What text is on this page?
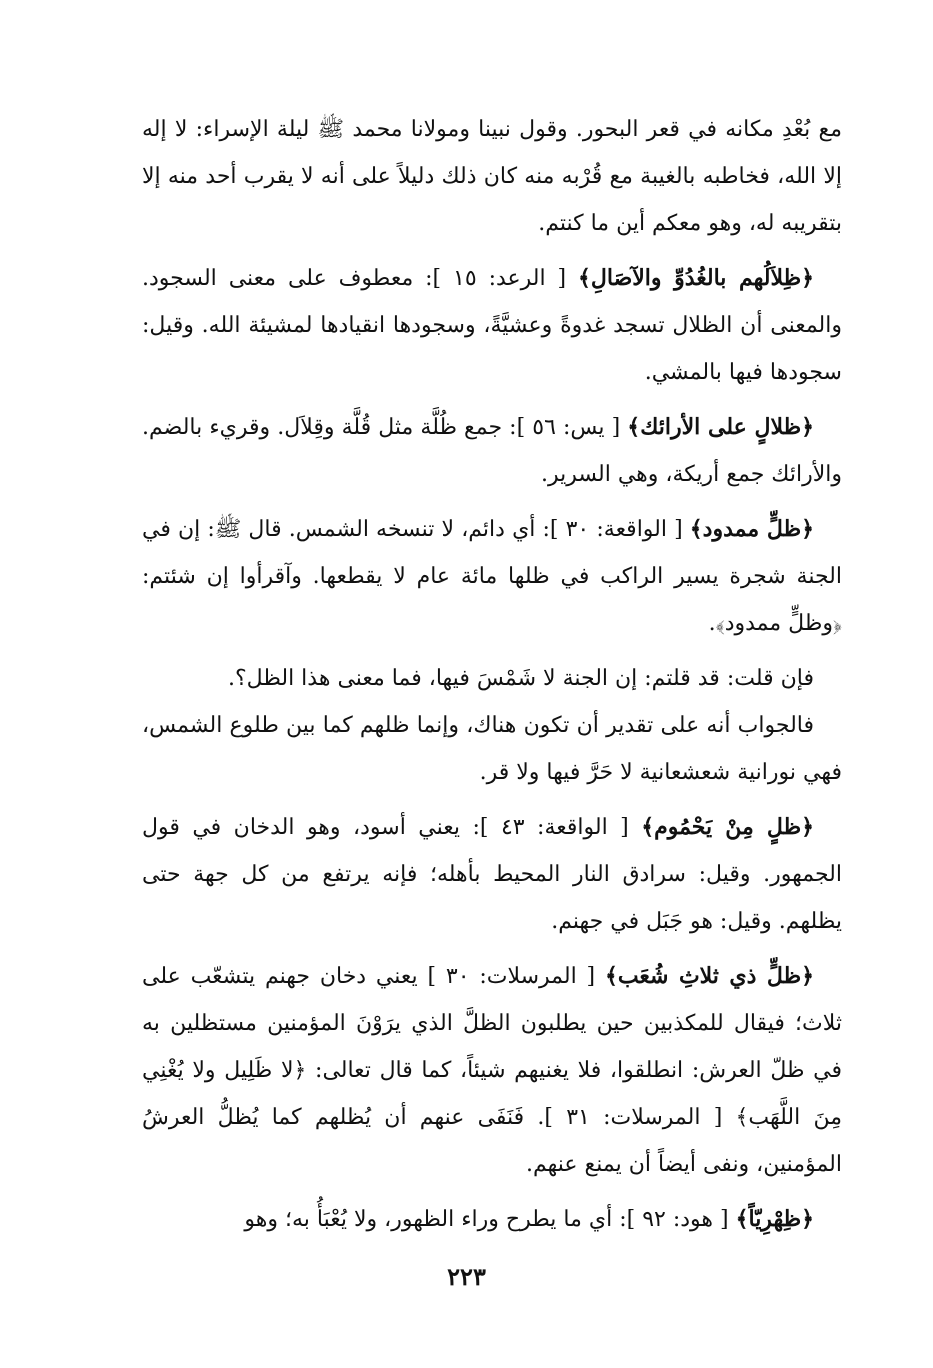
مع بُعْدِ مكانه في قعر البحور. وقول نبينا ومولانا محمد ﷺ ليلة الإسراء: لا إله إلا الله، فخاطبه بالغيبة مع قُرْبه منه كان ذلك دليلاً على أنه لا يقرب أحد منه إلا بتقريبه له، وهو معكم أين ما كنتم.

﴿ظِلاَلُهم بالغُدُوِّ والآصَالِ﴾ [ الرعد: ١٥ ]: معطوف على معنى السجود. والمعنى أن الظلال تسجد غدوةً وعشيَّةً، وسجودها انقيادها لمشيئة الله. وقيل: سجودها فيها بالمشي.

﴿ظلالٍ على الأرائك﴾ [ يس: ٥٦ ]: جمع ظُلَّة مثل قُلَّة وقِلاَل. وقريء بالضم. والأرائك جمع أريكة، وهي السرير.

﴿ظلٍّ ممدود﴾ [ الواقعة: ٣٠ ]: أي دائم، لا تنسخه الشمس. قال ﷺ: إن في الجنة شجرة يسير الراكب في ظلها مائة عام لا يقطعها. وآقرأوا إن شئتم: ﴿وظلٍّ ممدود﴾.

فإن قلت: قد قلتم: إن الجنة لا شَمْسَ فيها، فما معنى هذا الظل؟.

فالجواب أنه على تقدير أن تكون هناك، وإنما ظلهم كما بين طلوع الشمس، فهي نورانية شعشعانية لا حَرَّ فيها ولا قر.

﴿ظلٍ مِنْ يَحْمُوم﴾ [ الواقعة: ٤٣ ]: يعني أسود، وهو الدخان في قول الجمهور. وقيل: سرادق النار المحيط بأهله؛ فإنه يرتفع من كل جهة حتى يظلهم. وقيل: هو جَبَل في جهنم.

﴿ظلٍّ ذي ثلاثِ شُعَب﴾ [ المرسلات: ٣٠ ] يعني دخان جهنم يتشعّب على ثلاث؛ فيقال للمكذبين حين يطلبون الظلَّ الذي يرَوْنَ المؤمنين مستظلين به في ظلّ العرش: انطلقوا، فلا يغنيهم شيئاً، كما قال تعالى: ﴿لا ظَلِيل ولا يُغْنِي مِنَ اللَّهَب﴾ [ المرسلات: ٣١ ]. فَنَفَى عنهم أن يُظلهم كما يُظلُّ العرشُ المؤمنين، ونفى أيضاً أن يمنع عنهم.

﴿ظِهْرِيّاً﴾ [ هود: ٩٢ ]: أي ما يطرح وراء الظهور، ولا يُعْبَأُ به؛ وهو

٢٢٣
